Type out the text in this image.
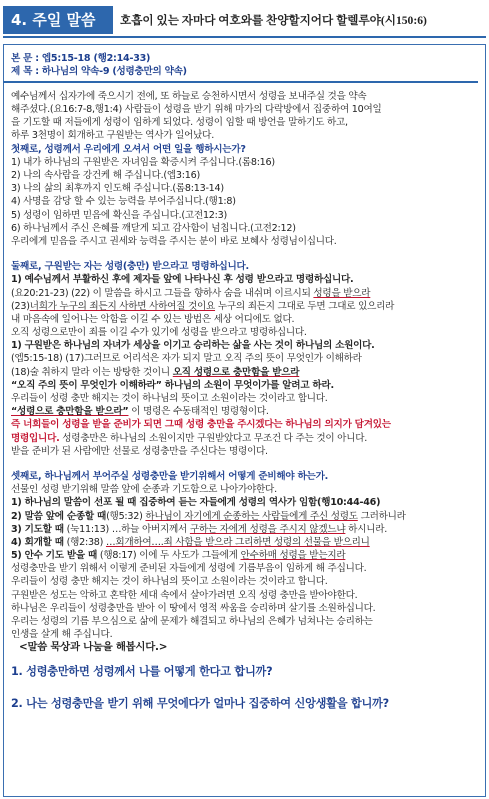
4. 주일 말씀 요약
호흡이 있는 자마다 여호와를 찬양할지어다 할렐루야(시150:6)
본 문 : 엡5:15-18 (행2:14-33)
제 목 : 하나님의 약속-9 (성령충만의 약속)
예수님께서 십자가에 죽으시기 전에, 또 하늘로 승천하시면서 성령을 보내주실 것을 약속
해주셨다.(요16:7-8,행1:4) 사람들이 성령을 받기 위해 마가의 다락방에서 집중하여 10여일
을 기도할 때 저들에게 성령이 임하게 되었다. 성령이 임할 때 방언을 말하기도 하고,
하루 3천명이 회개하고 구원받는 역사가 일어났다.
첫째로, 성령께서 우리에게 오셔서 어떤 일을 행하시는가?
1) 내가 하나님의 구원받은 자녀임을 확증시켜 주십니다.(롬8:16)
2) 나의 속사람을 강건케 해 주십니다.(엡3:16)
3) 나의 삶의 최후까지 인도해 주십니다.(롬8:13-14)
4) 사명을 감당 할 수 있는 능력을 부어주십니다.(행1:8)
5) 성령이 임하면 믿음에 확신을 주십니다.(고전12:3)
6) 하나님께서 주신 은혜를 깨닫게 되고 감사함이 넘칩니다.(고전2:12)
우리에게 믿음을 주시고 권세와 능력을 주시는 분이 바로 보혜사 성령님이십니다.
둘째로, 구원받는 자는 성령(충만) 받으라고 명령하십니다.
1) 예수님께서 부활하신 후에 제자들 앞에 나타나신 후 성령 받으라고 명령하십니다.
(요20:21-23) (22) 이 말씀을 하시고 그들을 향하사 숨을 내쉬며 이르시되 성령을 받으라
(23)너희가 누구의 죄든지 사하면 사하여질 것이요 누구의 죄든지 그대로 두면 그대로 있으리라
내 마음속에 일어나는 악함을 이길 수 있는 방법은 세상 어디에도 없다.
오직 성령으로만이 죄를 이길 수가 있기에 성령을 받으라고 명령하십니다.
1) 구원받은 하나님의 자녀가 세상을 이기고 승리하는 삶을 사는 것이 하나님의 소원이다.
(엡5:15-18) (17)그러므로 어리석은 자가 되지 말고 오직 주의 뜻이 무엇인가 이해하라
(18)술 취하지 말라 이는 방탕한 것이니 오직 성령으로 충만함을 받으라
“오직 주의 뜻이 무엇인가 이해하라” 하나님의 소원이 무엇이가를 알려고 하라.
우리들이 성령 충만 해지는 것이 하나님의 뜻이고 소원이라는 것이라고 합니다.
“성령으로 충만함을 받으라” 이 명령은 수동태적인 명령형이다.
즉 너희들이 성령을 받을 준비가 되면 그때 성령 충만을 주시겠다는 하나님의 의지가 담겨있는
명령입니다. 성령충만은 하나님의 소원이지만 구원받았다고 무조건 다 주는 것이 아니다.
받을 준비가 된 사람에만 선물로 성령충만을 주신다는 명령이다.
셋째로, 하나님께서 부어주실 성령충만을 받기위해서 어떻게 준비해야 하는가.
선물인 성령 받기위해 말씀 앞에 순종과 기도함으로 나아가야한다.
1) 하나님의 말씀이 선포 될 때 집중하여 듣는 자들에게 성령의 역사가 임함(행10:44-46)
2) 말씀 앞에 순종할 때(행5:32) 하나님이 자기에게 순종하는 사람들에게 주신 성령도 그러하니라
3) 기도할 때 (눅11:13) …하늘 아버지께서 구하는 자에게 성령을 주시지 않겠느냐 하시니라.
4) 회개할 때 (행2:38) …회개하여….죄 사함을 받으라 그리하면 성령의 선물을 받으리니
5) 안수 기도 받을 때 (행8:17) 이에 두 사도가 그들에게 안수하매 성령을 받는지라
성령충만을 받기 위해서 이렇게 준비된 자들에게 성령에 기름부음이 임하게 해 주십니다.
우리들이 성령 충만 해지는 것이 하나님의 뜻이고 소원이라는 것이라고 합니다.
구원받은 성도는 악하고 혼탁한 세대 속에서 살아가려면 오직 성령 충만을 받아야한다.
하나님은 우리들이 성령충만을 받아 이 땅에서 영적 싸움을 승리하며 살기를 소원하십니다.
우리는 성령의 기름 부으심으로 삶에 문제가 해결되고 하나님의 은혜가 넘쳐나는 승리하는
인생을 살게 해 주십니다.
<말씀 묵상과 나눔을 해봅시다.>
1. 성령충만하면 성령께서 나를 어떻게 한다고 합니까?
2. 나는 성령충만을 받기 위해 무엇에다가 얼마나 집중하여 신앙생활을 합니까?
